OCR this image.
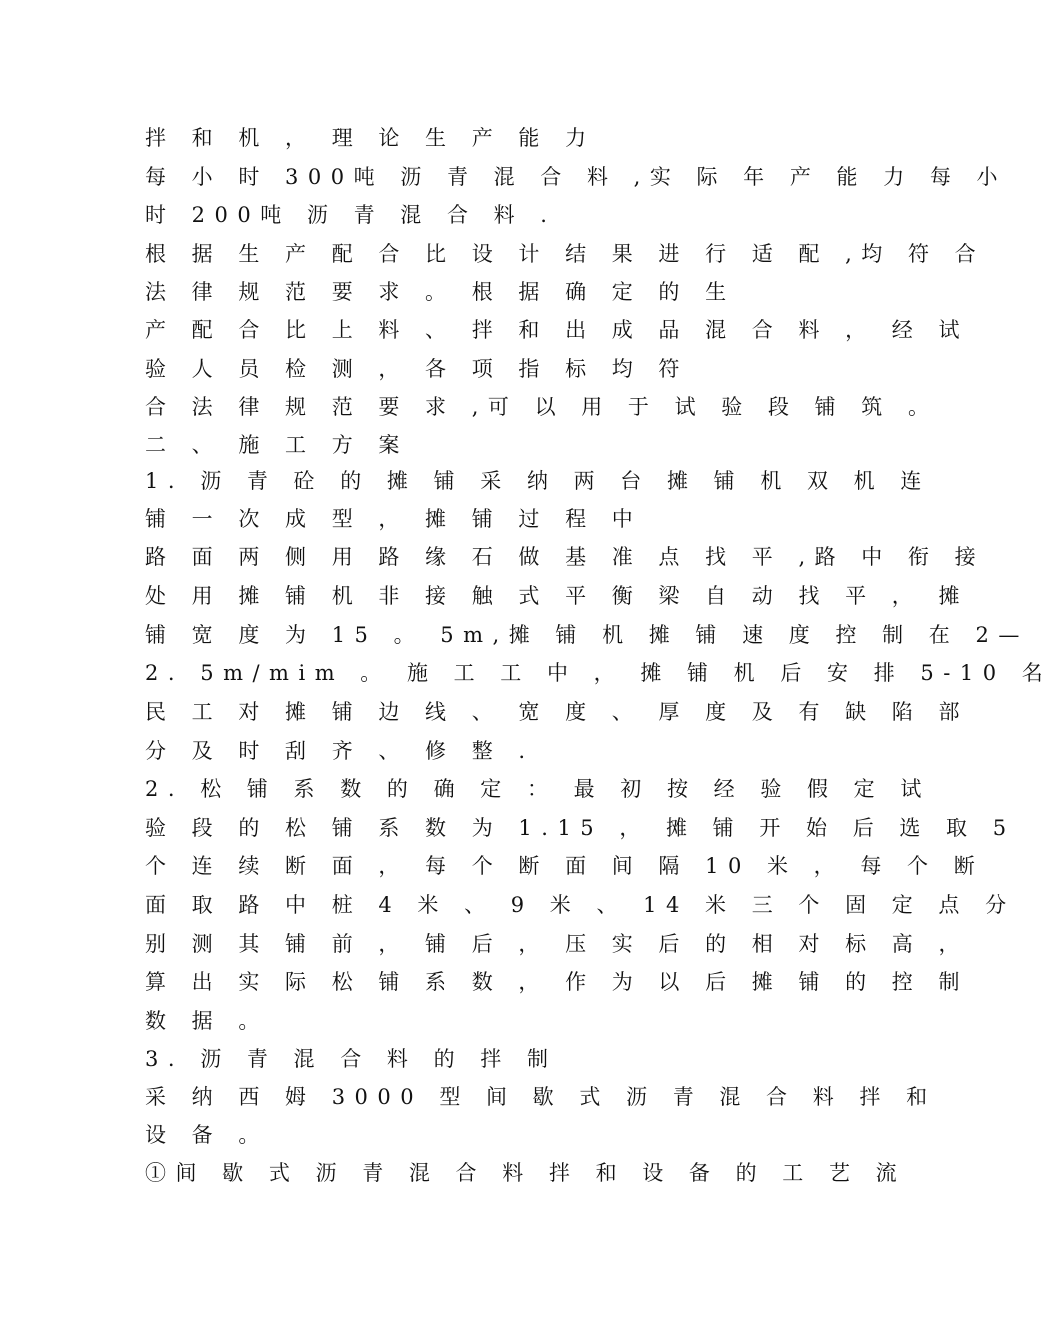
拌 和 机 ， 理 论 生 产 能 力
每 小 时 300吨 沥 青 混 合 料 ,实 际 年 产 能 力 每 小
时 200吨 沥 青 混 合 料 .
根 据 生 产 配 合 比 设 计 结 果 进 行 适 配 ,均 符 合
法 律 规 范 要 求 。 根 据 确 定 的 生
产 配 合 比 上 料 、 拌 和 出 成 品 混 合 料 ， 经 试
验 人 员 检 测 ， 各 项 指 标 均 符
合 法 律 规 范 要 求 ,可 以 用 于 试 验 段 铺 筑 。
二 、 施 工 方 案
1. 沥 青 砼 的 摊 铺 采 纳 两 台 摊 铺 机 双 机 连
铺 一 次 成 型 ， 摊 铺 过 程 中
路 面 两 侧 用 路 缘 石 做 基 准 点 找 平 ,路 中 衔 接
处 用 摊 铺 机 非 接 触 式 平 衡 梁 自 动 找 平 ， 摊
铺 宽 度 为 15 。 5m,摊 铺 机 摊 铺 速 度 控 制 在 2—
2. 5m/mim 。 施 工 工 中 ， 摊 铺 机 后 安 排 5-10 名
民 工 对 摊 铺 边 线 、 宽 度 、 厚 度 及 有 缺 陷 部
分 及 时 刮 齐 、 修 整 .
2. 松 铺 系 数 的 确 定 ： 最 初 按 经 验 假 定 试
验 段 的 松 铺 系 数 为 1.15 ， 摊 铺 开 始 后 选 取 5
个 连 续 断 面 ， 每 个 断 面 间 隔 10 米 ， 每 个 断
面 取 路 中 桩 4 米 、 9 米 、 14 米 三 个 固 定 点 分
别 测 其 铺 前 ， 铺 后 ， 压 实 后 的 相 对 标 高 ，
算 出 实 际 松 铺 系 数 ， 作 为 以 后 摊 铺 的 控 制
数 据 。
3. 沥 青 混 合 料 的 拌 制
采 纳 西 姆 3000 型 间 歇 式 沥 青 混 合 料 拌 和
设 备 。
①间 歇 式 沥 青 混 合 料 拌 和 设 备 的 工 艺 流
